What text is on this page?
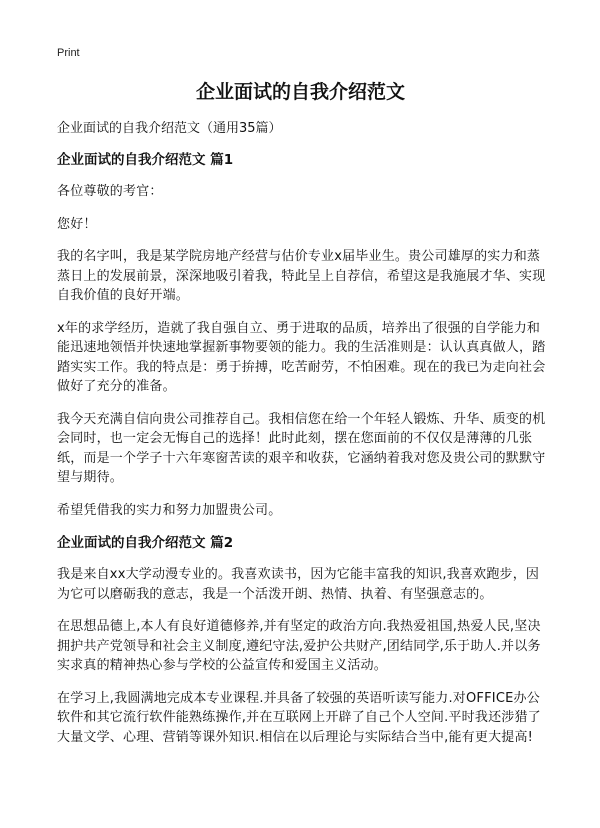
Print
企业面试的自我介绍范文

企业面试的自我介绍范文（通用35篇）

企业面试的自我介绍范文 篇1

各位尊敬的考官：

您好！

我的名字叫，我是某学院房地产经营与估价专业x届毕业生。贵公司雄厚的实力和蒸蒸日上的发展前景，深深地吸引着我，特此呈上自荐信，希望这是我施展才华、实现自我价值的良好开端。

x年的求学经历，造就了我自强自立、勇于进取的品质，培养出了很强的自学能力和能迅速地领悟并快速地掌握新事物要领的能力。我的生活准则是：认认真真做人，踏踏实实工作。我的特点是：勇于拚搏，吃苦耐劳，不怕困难。现在的我已为走向社会做好了充分的准备。

我今天充满自信向贵公司推荐自己。我相信您在给一个年轻人锻炼、升华、质变的机会同时，也一定会无悔自己的选择！此时此刻，摆在您面前的不仅仅是薄薄的几张纸，而是一个学子十六年寒窗苦读的艰辛和收获，它涵纳着我对您及贵公司的默默守望与期待。

希望凭借我的实力和努力加盟贵公司。

企业面试的自我介绍范文 篇2

我是来自xx大学动漫专业的。我喜欢读书，因为它能丰富我的知识,我喜欢跑步，因为它可以磨砺我的意志，我是一个活泼开朗、热情、执着、有坚强意志的。

在思想品德上,本人有良好道德修养,并有坚定的政治方向.我热爱祖国,热爱人民,坚决拥护共产党领导和社会主义制度,遵纪守法,爱护公共财产,团结同学,乐于助人.并以务实求真的精神热心参与学校的公益宣传和爱国主义活动。

在学习上,我圆满地完成本专业课程.并具备了较强的英语听读写能力.对OFFICE办公软件和其它流行软件能熟练操作,并在互联网上开辟了自己个人空间.平时我还涉猎了大量文学、心理、营销等课外知识.相信在以后理论与实际结合当中,能有更大提高!
